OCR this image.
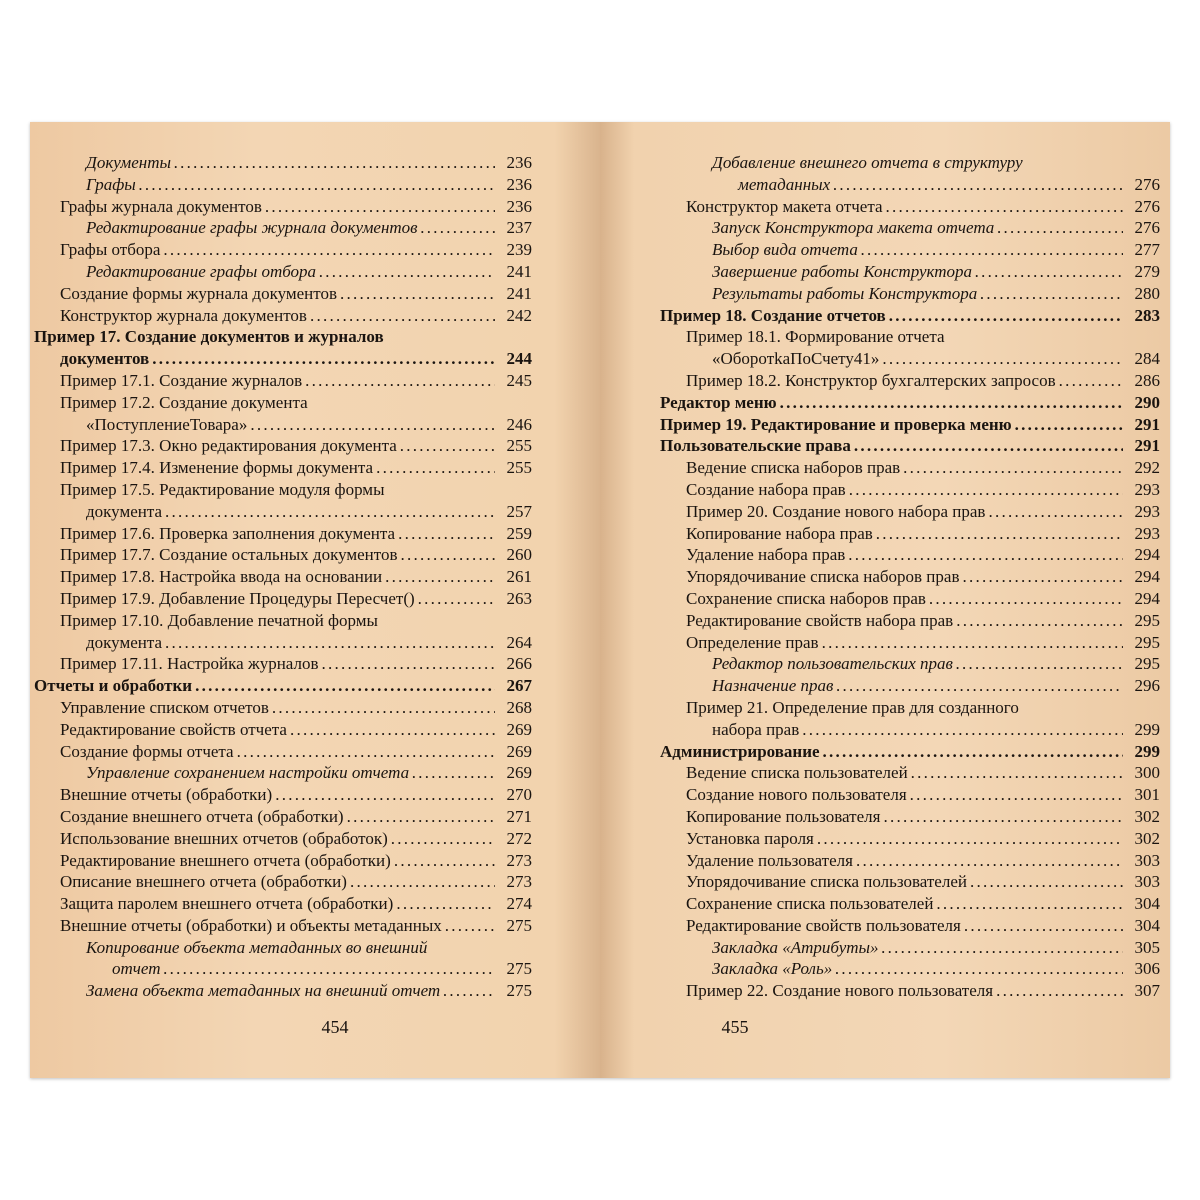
Документы . . .	236
Графы . . .	236
Графы журнала документов . . .	236
Редактирование графы журнала документов . . .	237
Графы отбора . . .	239
Редактирование графы отбора . . .	241
Создание формы журнала документов . . .	241
Конструктор журнала документов . . .	242
Пример 17. Создание документов и журналов
документов . . .	244
Пример 17.1. Создание журналов . . .	245
Пример 17.2. Создание документа
«ПоступлениеТовара» . . .	246
Пример 17.3. Окно редактирования документа . . .	255
Пример 17.4. Изменение формы документа . . .	255
Пример 17.5. Редактирование модуля формы
документа . . .	257
Пример 17.6. Проверка заполнения документа . . .	259
Пример 17.7. Создание остальных документов . . .	260
Пример 17.8. Настройка ввода на основании . . .	261
Пример 17.9. Добавление Процедуры Пересчет() . . .	263
Пример 17.10. Добавление печатной формы
документа . . .	264
Пример 17.11. Настройка журналов . . .	266
Отчеты и обработки . . .	267
Управление списком отчетов . . .	268
Редактирование свойств отчета . . .	269
Создание формы отчета . . .	269
Управление сохранением настройки отчета . . .	269
Внешние отчеты (обработки) . . .	270
Создание внешнего отчета (обработки) . . .	271
Использование внешних отчетов (обработок) . . .	272
Редактирование внешнего отчета (обработки) . . .	273
Описание внешнего отчета (обработки) . . .	273
Защита паролем внешнего отчета (обработки) . . .	274
Внешние отчеты (обработки) и объекты метаданных . . .	275
Копирование объекта метаданных во внешний
отчет . . .	275
Замена объекта метаданных на внешний отчет . . .	275
454
Добавление внешнего отчета в структуру
метаданных . . .	276
Конструктор макета отчета . . .	276
Запуск Конструктора макета отчета . . .	276
Выбор вида отчета . . .	277
Завершение работы Конструктора . . .	279
Результаты работы Конструктора . . .	280
Пример 18. Создание отчетов . . .	283
Пример 18.1. Формирование отчета
«ОборотkаПоСчету41» . . .	284
Пример 18.2. Конструктор бухгалтерских запросов . . .	286
Редактор меню . . .	290
Пример 19. Редактирование и проверка меню . . .	291
Пользовательские права . . .	291
Ведение списка наборов прав . . .	292
Создание набора прав . . .	293
Пример 20. Создание нового набора прав . . .	293
Копирование набора прав . . .	293
Удаление набора прав . . .	294
Упорядочивание списка наборов прав . . .	294
Сохранение списка наборов прав . . .	294
Редактирование свойств набора прав . . .	295
Определение прав . . .	295
Редактор пользовательских прав . . .	295
Назначение прав . . .	296
Пример 21. Определение прав для созданного
набора прав . . .	299
Администрирование . . .	299
Ведение списка пользователей . . .	300
Создание нового пользователя . . .	301
Копирование пользователя . . .	302
Установка пароля . . .	302
Удаление пользователя . . .	303
Упорядочивание списка пользователей . . .	303
Сохранение списка пользователей . . .	304
Редактирование свойств пользователя . . .	304
Закладка «Атрибуты» . . .	305
Закладка «Роль» . . .	306
Пример 22. Создание нового пользователя . . .	307
455
